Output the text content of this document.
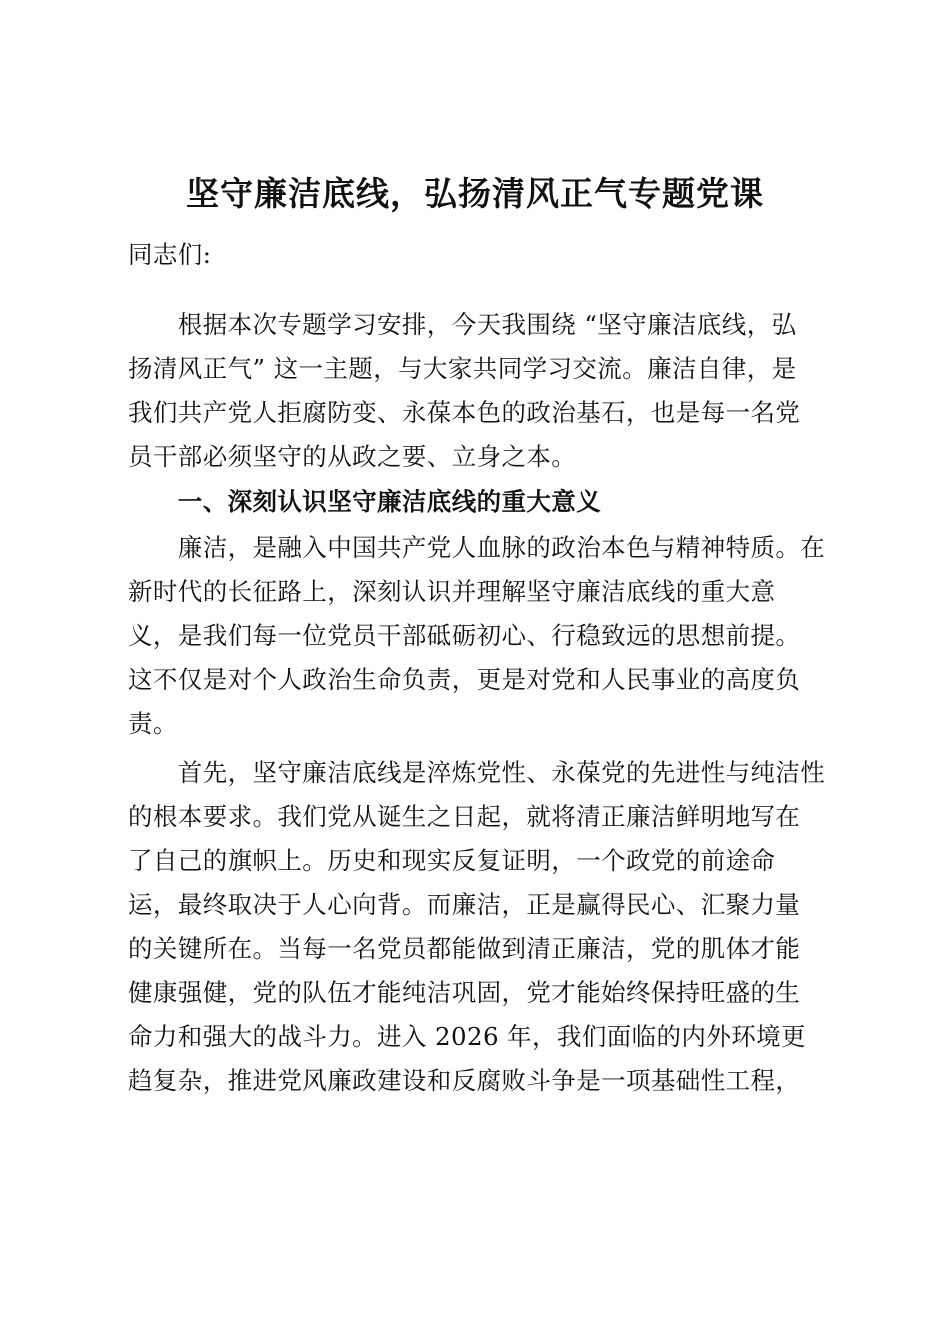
坚守廉洁底线，弘扬清风正气专题党课
同志们:
　　根据本次专题学习安排，今天我围绕 “坚守廉洁底线，弘
扬清风正气” 这一主题，与大家共同学习交流。廉洁自律，是
我们共产党人拒腐防变、永葆本色的政治基石，也是每一名党
员干部必须坚守的从政之要、立身之本。
　　一、深刻认识坚守廉洁底线的重大意义
　　廉洁，是融入中国共产党人血脉的政治本色与精神特质。在
新时代的长征路上，深刻认识并理解坚守廉洁底线的重大意
义，是我们每一位党员干部砥砺初心、行稳致远的思想前提。
这不仅是对个人政治生命负责，更是对党和人民事业的高度负
责。
　　首先，坚守廉洁底线是淬炼党性、永葆党的先进性与纯洁性
的根本要求。我们党从诞生之日起，就将清正廉洁鲜明地写在
了自己的旗帜上。历史和现实反复证明，一个政党的前途命
运，最终取决于人心向背。而廉洁，正是赢得民心、汇聚力量
的关键所在。当每一名党员都能做到清正廉洁，党的肌体才能
健康强健，党的队伍才能纯洁巩固，党才能始终保持旺盛的生
命力和强大的战斗力。进入 2026 年，我们面临的内外环境更
趋复杂，推进党风廉政建设和反腐败斗争是一项基础性工程，
